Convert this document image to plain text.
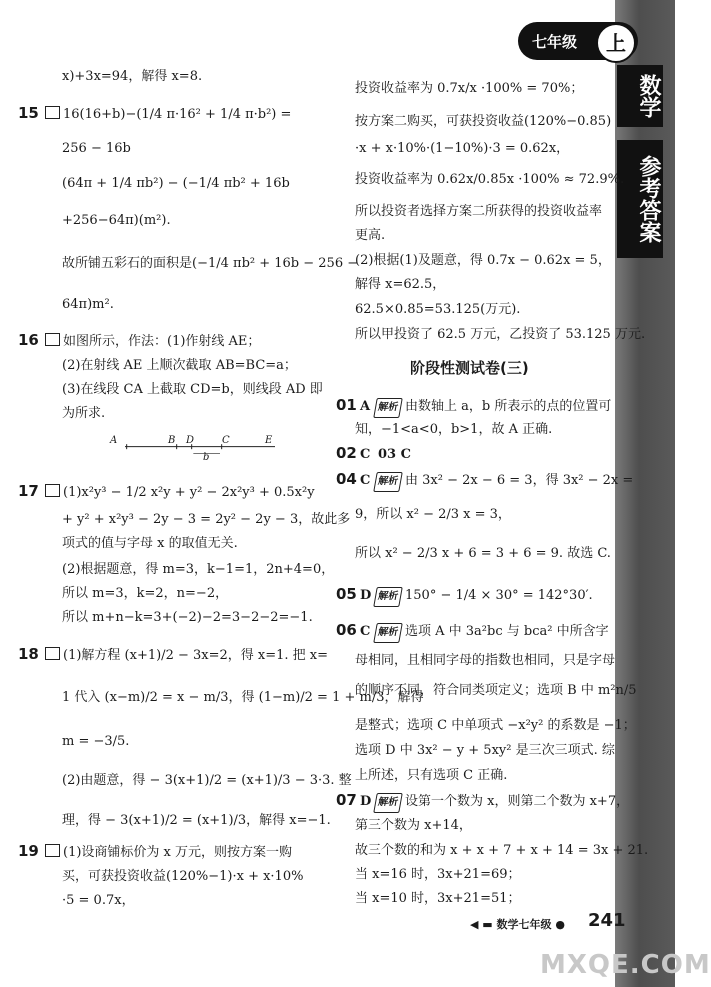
七年级	上
数学
参考答案
x)+3x=94，解得 x=8.
15	16(16+b)−(1/4 π·16² + 1/4 π·b²) =
256 − 16b
(64π + 1/4 πb²) − (−1/4 πb² + 16b
+256−64π)(m²).
故所铺五彩石的面积是(−1/4 πb² + 16b − 256 −
64π)m².
16	如图所示，作法：(1)作射线 AE；
(2)在射线 AE 上顺次截取 AB=BC=a；
(3)在线段 CA 上截取 CD=b，则线段 AD 即
为所求.
A	B D	C	E
b
17	(1)x²y³ − 1/2 x²y + y² − 2x²y³ + 0.5x²y
+ y² + x²y³ − 2y − 3 = 2y² − 2y − 3，故此多
项式的值与字母 x 的取值无关.
(2)根据题意，得 m=3，k−1=1，2n+4=0，
所以 m=3，k=2，n=−2，
所以 m+n−k=3+(−2)−2=3−2−2=−1.
18	(1)解方程 (x+1)/2 − 3x=2，得 x=1. 把 x=
1 代入 (x−m)/2 = x − m/3，得 (1−m)/2 = 1 + m/3，解得
m = −3/5.
(2)由题意，得 − 3(x+1)/2 = (x+1)/3 − 3·3. 整
理，得 − 3(x+1)/2 = (x+1)/3，解得 x=−1.
19	(1)设商铺标价为 x 万元，则按方案一购
买，可获投资收益(120%−1)·x + x·10%
·5 = 0.7x，
投资收益率为 0.7x/x ·100% = 70%；
按方案二购买，可获投资收益(120%−0.85)
·x + x·10%·(1−10%)·3 = 0.62x，
投资收益率为 0.62x/0.85x ·100% ≈ 72.9%.
所以投资者选择方案二所获得的投资收益率
更高.
(2)根据(1)及题意，得 0.7x − 0.62x = 5，
解得 x=62.5，
62.5×0.85=53.125(万元).
所以甲投资了 62.5 万元，乙投资了 53.125 万元.
阶段性测试卷(三)
01 A 解析 由数轴上 a，b 所表示的点的位置可
知，−1<a<0，b>1，故 A 正确.
02 C 03 C
04 C 解析 由 3x² − 2x − 6 = 3，得 3x² − 2x =
9，所以 x² − 2/3 x = 3，
所以 x² − 2/3 x + 6 = 3 + 6 = 9. 故选 C.
05 D 解析 150° − 1/4 × 30° = 142°30′.
06 C 解析 选项 A 中 3a²bc 与 bca² 中所含字
母相同，且相同字母的指数也相同，只是字母
的顺序不同，符合同类项定义；选项 B 中 m²n/5
是整式；选项 C 中单项式 −x²y² 的系数是 −1；
选项 D 中 3x² − y + 5xy² 是三次三项式. 综
上所述，只有选项 C 正确.
07 D 解析 设第一个数为 x，则第二个数为 x+7，
第三个数为 x+14，
故三个数的和为 x + x + 7 + x + 14 = 3x + 21.
当 x=16 时，3x+21=69；
当 x=10 时，3x+21=51；
◀ ▬ 数学七年级 ● 241
MXQE.COM
